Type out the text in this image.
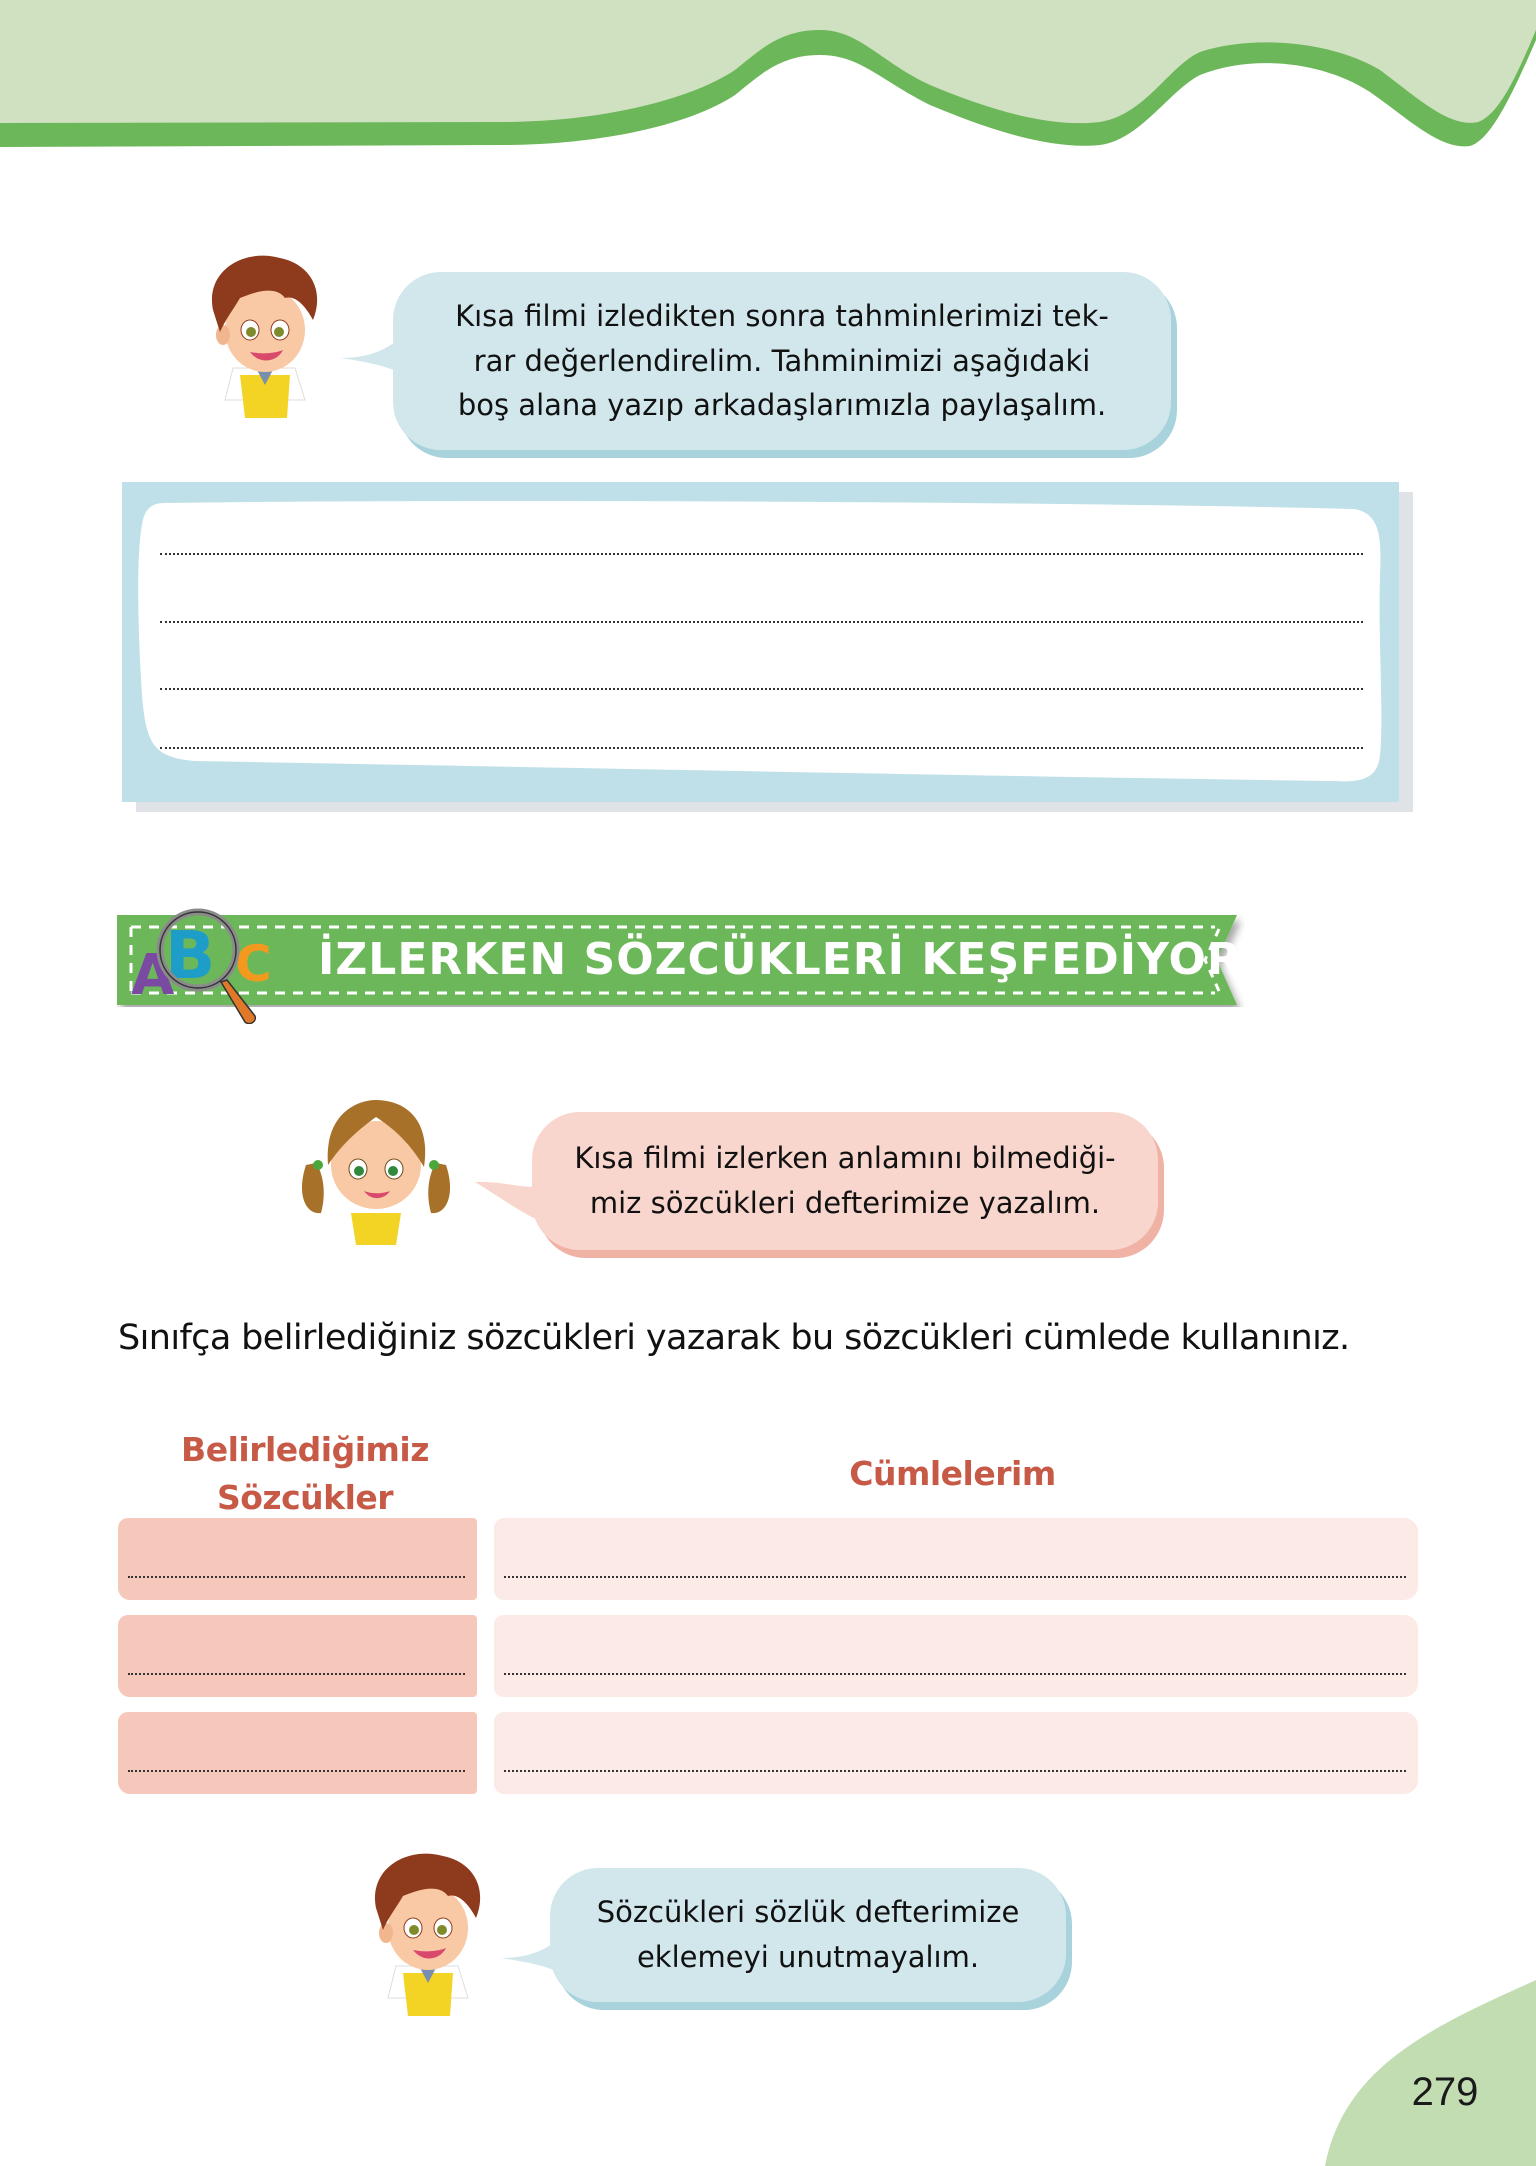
Kısa filmi izledikten sonra tahminlerimizi tek-
rar değerlendirelim. Tahminimizi aşağıdaki
boş alana yazıp arkadaşlarımızla paylaşalım.
A
B C İZLERKEN SÖZCÜKLERİ KEŞFEDİYORUZ
Kısa filmi izlerken anlamını bilmediği-
miz sözcükleri defterimize yazalım.
Sınıfça belirlediğiniz sözcükleri yazarak bu sözcükleri cümlede kullanınız.
Belirlediğimiz
Sözcükler
Cümlelerim
Sözcükleri sözlük defterimize
eklemeyi unutmayalım.
279
